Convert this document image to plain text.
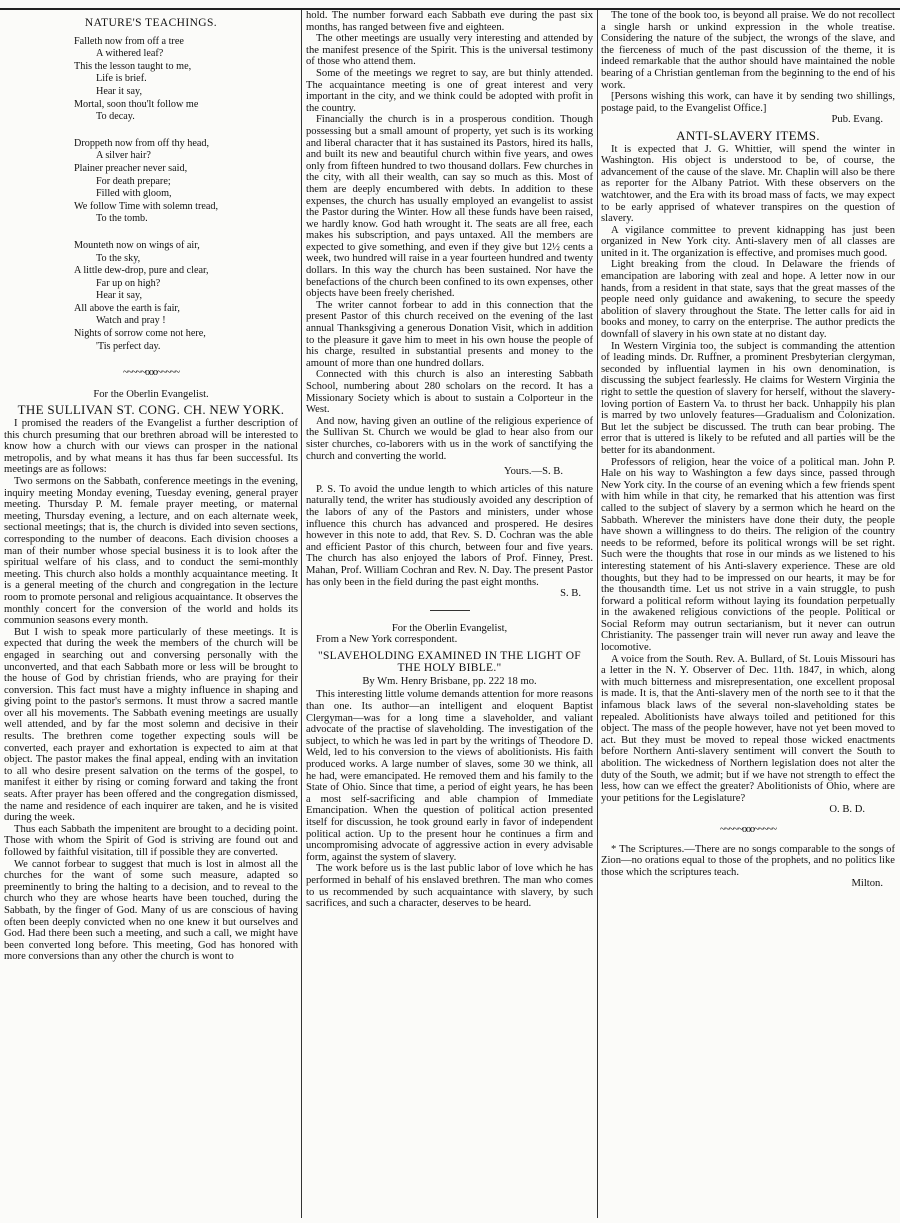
NATURE'S TEACHINGS.
Falleth now from off a tree
A withered leaf?
This the lesson taught to me,
Life is brief.
Hear it say,
Mortal, soon thou'lt follow me
To decay.
Droppeth now from off thy head,
A silver hair?
Plainer preacher never said,
For death prepare;
Filled with gloom,
We follow Time with solemn tread,
To the tomb.
Mounteth now on wings of air,
To the sky,
A little dew-drop, pure and clear,
Far up on high?
Hear it say,
All above the earth is fair,
Watch and pray !
Nights of sorrow come not here,
'Tis perfect day.
~~~~~ooo~~~~~

For the Oberlin Evangelist.

THE SULLIVAN ST. CONG. CH. NEW YORK.

I promised the readers of the Evangelist a further description of this church presuming that our brethren abroad will be interested to know how a church with our views can prosper in the national metropolis, and by what means it has thus far been successful. Its meetings are as follows:

Two sermons on the Sabbath, conference meetings in the evening, inquiry meeting Monday evening, Tuesday evening, general prayer meeting. Thursday P. M. female prayer meeting, or maternal meeting, Thursday evening, a lecture, and on each alternate week, sectional meetings; that is, the church is divided into seven sections, corresponding to the number of deacons. Each division chooses a man of their number whose special business it is to look after the spiritual welfare of his class, and to conduct the semi-monthly meeting. This church also holds a monthly acquaintance meeting. It is a general meeting of the church and congregation in the lecture room to promote personal and religious acquaintance. It observes the monthly concert for the conversion of the world and holds its communion seasons every month.

But I wish to speak more particularly of these meetings. It is expected that during the week the members of the church will be engaged in searching out and conversing personally with the unconverted, and that each Sabbath more or less will be brought to the house of God by christian friends, who are praying for their conversion. This fact must have a mighty influence in shaping and giving point to the pastor's sermons. It must throw a sacred mantle over all his movements. The Sabbath evening meetings are usually well attended, and by far the most solemn and decisive in their results. The brethren come together expecting souls will be converted, each prayer and exhortation is expected to aim at that object. The pastor makes the final appeal, ending with an invitation to all who desire present salvation on the terms of the gospel, to manifest it either by rising or coming forward and taking the front seats. After prayer has been offered and the congregation dismissed, the name and residence of each inquirer are taken, and he is visited during the week.

Thus each Sabbath the impenitent are brought to a deciding point. Those with whom the Spirit of God is striving are found out and followed by faithful visitation, till if possible they are converted.

We cannot forbear to suggest that much is lost in almost all the churches for the want of some such measure, adapted so preeminently to bring the halting to a decision, and to reveal to the church who they are whose hearts have been touched, during the Sabbath, by the finger of God. Many of us are conscious of having often been deeply convicted when no one knew it but ourselves and God. Had there been such a meeting, and such a call, we might have been converted long before. This meeting, God has honored with more conversions than any other the church is wont to

hold. The number forward each Sabbath eve during the past six months, has ranged between five and eighteen.

The other meetings are usually very interesting and attended by the manifest presence of the Spirit. This is the universal testimony of those who attend them.

Some of the meetings we regret to say, are but thinly attended. The acquaintance meeting is one of great interest and very important in the city, and we think could be adopted with profit in the country.

Financially the church is in a prosperous condition. Though possessing but a small amount of property, yet such is its working and liberal character that it has sustained its Pastors, hired its halls, and built its new and beautiful church within five years, and owes only from fifteen hundred to two thousand dollars. Few churches in the city, with all their wealth, can say so much as this. Most of them are deeply encumbered with debts. In addition to these expenses, the church has usually employed an evangelist to assist the Pastor during the Winter. How all these funds have been raised, we hardly know. God hath wrought it. The seats are all free, each makes his subscription, and pays untaxed. All the members are expected to give something, and even if they give but 12½ cents a week, two hundred will raise in a year fourteen hundred and twenty dollars. In this way the church has been sustained. Nor have the benefactions of the church been confined to its own expenses, other objects have been freely cherished.

The writer cannot forbear to add in this connection that the present Pastor of this church received on the evening of the last annual Thanksgiving a generous Donation Visit, which in addition to the pleasure it gave him to meet in his own house the people of his charge, resulted in substantial presents and money to the amount of more than one hundred dollars.

Connected with this church is also an interesting Sabbath School, numbering about 280 scholars on the record. It has a Missionary Society which is about to sustain a Colporteur in the West.

And now, having given an outline of the religious experience of the Sullivan St. Church we would be glad to hear also from our sister churches, co-laborers with us in the work of sanctifying the church and converting the world.

Yours.—S. B.

P. S. To avoid the undue length to which articles of this nature naturally tend, the writer has studiously avoided any description of the labors of any of the Pastors and ministers, under whose influence this church has advanced and prospered. He desires however in this note to add, that Rev. S. D. Cochran was the able and efficient Pastor of this church, between four and five years. The church has also enjoyed the labors of Prof. Finney, Prest. Mahan, Prof. William Cochran and Rev. N. Day. The present Pastor has only been in the field during the past eight months.

S. B.

For the Oberlin Evangelist,

From a New York correspondent.

"SLAVEHOLDING EXAMINED IN THE LIGHT OF THE HOLY BIBLE."

By Wm. Henry Brisbane, pp. 222 18 mo.

This interesting little volume demands attention for more reasons than one. Its author—an intelligent and eloquent Baptist Clergyman—was for a long time a slaveholder, and valiant advocate of the practise of slaveholding. The investigation of the subject, to which he was led in part by the writings of Theodore D. Weld, led to his conversion to the views of abolitionists. His faith produced works. A large number of slaves, some 30 we think, all he had, were emancipated. He removed them and his family to the State of Ohio. Since that time, a period of eight years, he has been a most self-sacrificing and able champion of Immediate Emancipation. When the question of political action presented itself for discussion, he took ground early in favor of independent political action. Up to the present hour he continues a firm and uncompromising advocate of aggressive action in every advisable form, against the system of slavery.

The work before us is the last public labor of love which he has performed in behalf of his enslaved brethren. The man who comes to us recommended by such acquaintance with slavery, by such sacrifices, and such a character, deserves to be heard.

The tone of the book too, is beyond all praise. We do not recollect a single harsh or unkind expression in the whole treatise. Considering the nature of the subject, the wrongs of the slave, and the fierceness of much of the past discussion of the theme, it is indeed remarkable that the author should have maintained the noble bearing of a Christian gentleman from the beginning to the end of his work.

[Persons wishing this work, can have it by sending two shillings, postage paid, to the Evangelist Office.]

Pub. Evang.

ANTI-SLAVERY ITEMS.

It is expected that J. G. Whittier, will spend the winter in Washington. His object is understood to be, of course, the advancement of the cause of the slave. Mr. Chaplin will also be there as reporter for the Albany Patriot. With these observers on the watchtower, and the Era with its broad mass of facts, we may expect to be early apprised of whatever transpires on the question of slavery.

A vigilance committee to prevent kidnapping has just been organized in New York city. Anti-slavery men of all classes are united in it. The organization is effective, and promises much good.

Light breaking from the cloud. In Delaware the friends of emancipation are laboring with zeal and hope. A letter now in our hands, from a resident in that state, says that the great masses of the people need only guidance and awakening, to secure the speedy abolition of slavery throughout the State. The letter calls for aid in books and money, to carry on the enterprise. The author predicts the downfall of slavery in his own state at no distant day.

In Western Virginia too, the subject is commanding the attention of leading minds. Dr. Ruffner, a prominent Presbyterian clergyman, seconded by influential laymen in his own denomination, is discussing the subject fearlessly. He claims for Western Virginia the right to settle the question of slavery for herself, without the slavery-loving portion of Eastern Va. to thrust her back. Unhappily his plan is marred by two unlovely features—Gradualism and Colonization. But let the subject be discussed. The truth can bear probing. The error that is uttered is likely to be refuted and all parties will be the better for its abandonment.

Professors of religion, hear the voice of a political man. John P. Hale on his way to Washington a few days since, passed through New York city. In the course of an evening which a few friends spent with him while in that city, he remarked that his attention was first called to the subject of slavery by a sermon which he heard on the Sabbath. Wherever the ministers have done their duty, the people have shown a willingness to do theirs. The religion of the country needs to be reformed, before its political wrongs will be set right. Such were the thoughts that rose in our minds as we listened to his interesting statement of his Anti-slavery experience. These are old thoughts, but they had to be impressed on our hearts, it may be for the thousandth time. Let us not strive in a vain struggle, to push forward a political reform without laying its foundation perpetually in the awakened religious convictions of the people. Political or Social Reform may outrun sectarianism, but it never can outrun Christianity. The passenger train will never run away and leave the locomotive.

A voice from the South. Rev. A. Bullard, of St. Louis Missouri has a letter in the N. Y. Observer of Dec. 11th. 1847, in which, along with much bitterness and misrepresentation, one excellent proposal is made. It is, that the Anti-slavery men of the north see to it that the infamous black laws of the several non-slaveholding states be repealed. Abolitionists have always toiled and petitioned for this object. The mass of the people however, have not yet been moved to act. But they must be moved to repeal those wicked enactments before Northern Anti-slavery sentiment will convert the South to abolition. The wickedness of Northern legislation does not alter the duty of the South, we admit; but if we have not strength to effect the less, how can we effect the greater? Abolitionists of Ohio, where are your petitions for the Legislature?

O. B. D.

~~~~~ooo~~~~~

* The Scriptures.—There are no songs comparable to the songs of Zion—no orations equal to those of the prophets, and no politics like those which the scriptures teach.

Milton.
